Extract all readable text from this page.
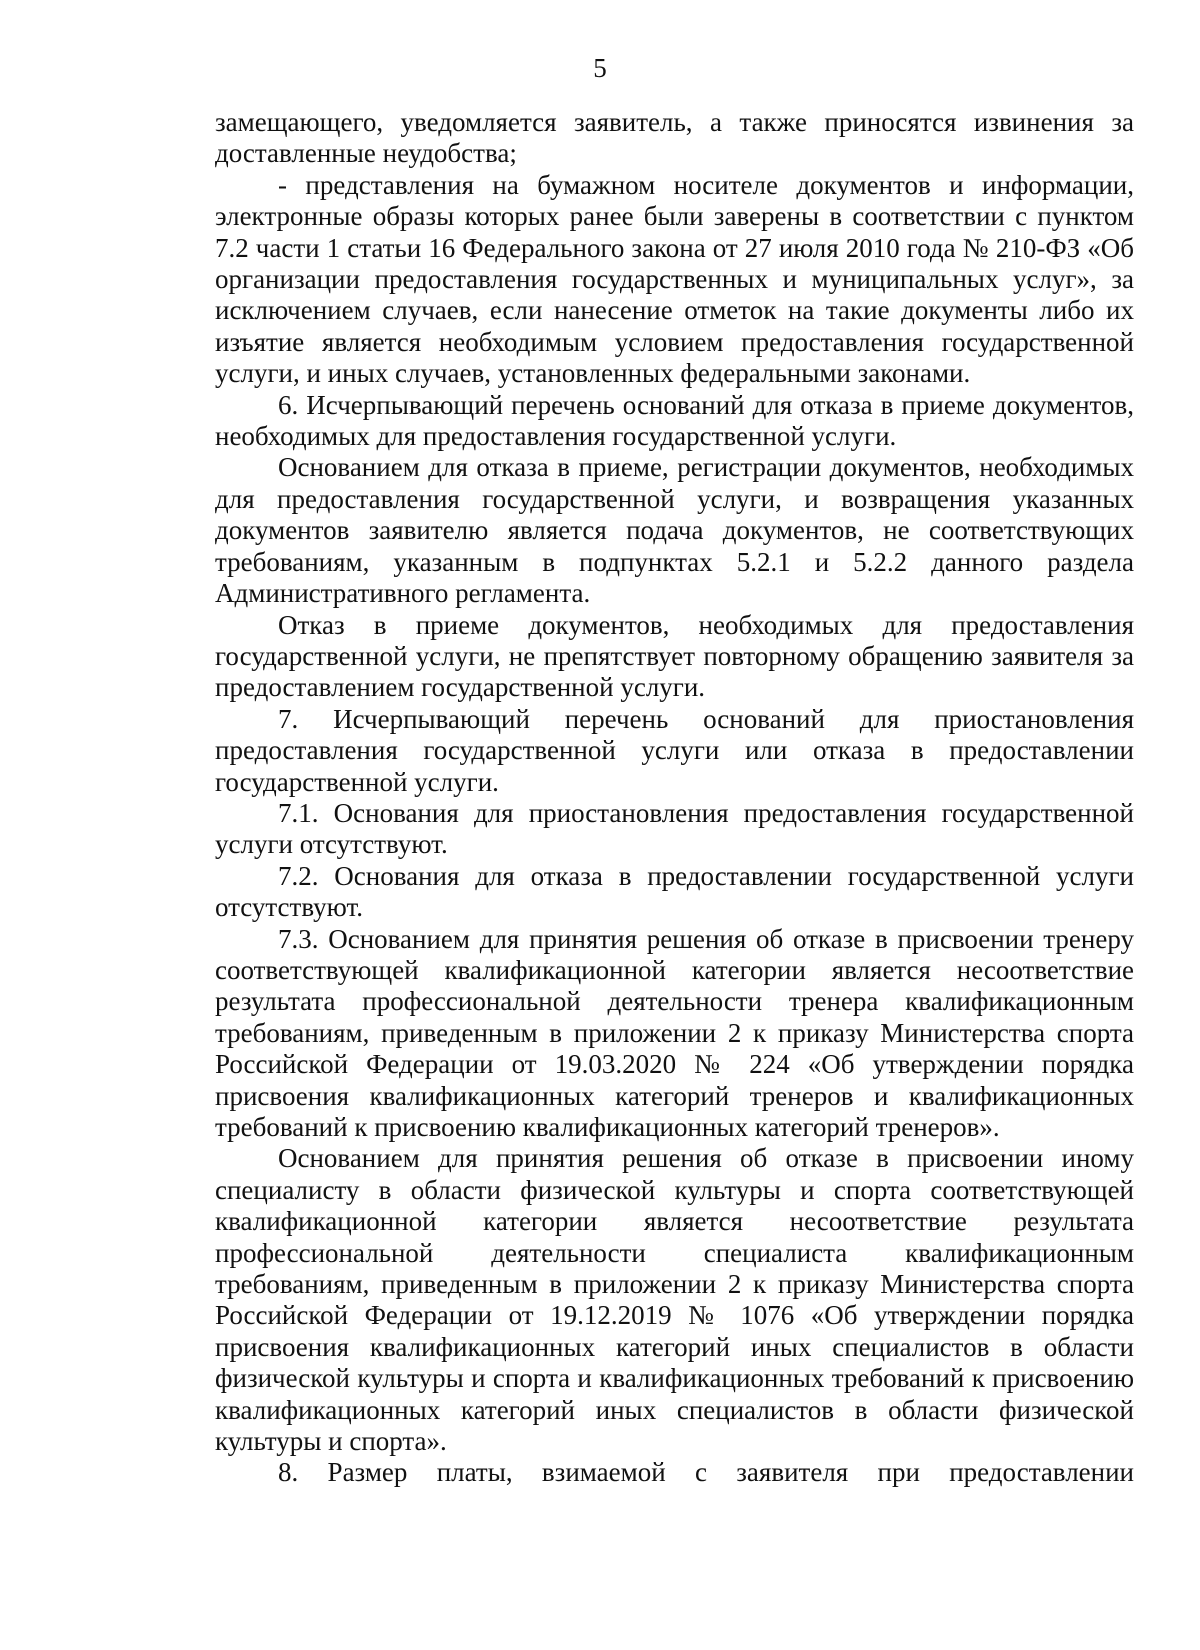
5

замещающего, уведомляется заявитель, а также приносятся извинения за доставленные неудобства;

- представления на бумажном носителе документов и информации, электронные образы которых ранее были заверены в соответствии с пунктом 7.2 части 1 статьи 16 Федерального закона от 27 июля 2010 года № 210-ФЗ «Об организации предоставления государственных и муниципальных услуг», за исключением случаев, если нанесение отметок на такие документы либо их изъятие является необходимым условием предоставления государственной услуги, и иных случаев, установленных федеральными законами.

6. Исчерпывающий перечень оснований для отказа в приеме документов, необходимых для предоставления государственной услуги.

Основанием для отказа в приеме, регистрации документов, необходимых для предоставления государственной услуги, и возвращения указанных документов заявителю является подача документов, не соответствующих требованиям, указанным в подпунктах 5.2.1 и 5.2.2 данного раздела Административного регламента.

Отказ в приеме документов, необходимых для предоставления государственной услуги, не препятствует повторному обращению заявителя за предоставлением государственной услуги.

7. Исчерпывающий перечень оснований для приостановления предоставления государственной услуги или отказа в предоставлении государственной услуги.

7.1. Основания для приостановления предоставления государственной услуги отсутствуют.

7.2. Основания для отказа в предоставлении государственной услуги отсутствуют.

7.3. Основанием для принятия решения об отказе в присвоении тренеру соответствующей квалификационной категории является несоответствие результата профессиональной деятельности тренера квалификационным требованиям, приведенным в приложении 2 к приказу Министерства спорта Российской Федерации от 19.03.2020 № 224 «Об утверждении порядка присвоения квалификационных категорий тренеров и квалификационных требований к присвоению квалификационных категорий тренеров».

Основанием для принятия решения об отказе в присвоении иному специалисту в области физической культуры и спорта соответствующей квалификационной категории является несоответствие результата профессиональной деятельности специалиста квалификационным требованиям, приведенным в приложении 2 к приказу Министерства спорта Российской Федерации от 19.12.2019 № 1076 «Об утверждении порядка присвоения квалификационных категорий иных специалистов в области физической культуры и спорта и квалификационных требований к присвоению квалификационных категорий иных специалистов в области физической культуры и спорта».

8. Размер платы, взимаемой с заявителя при предоставлении
